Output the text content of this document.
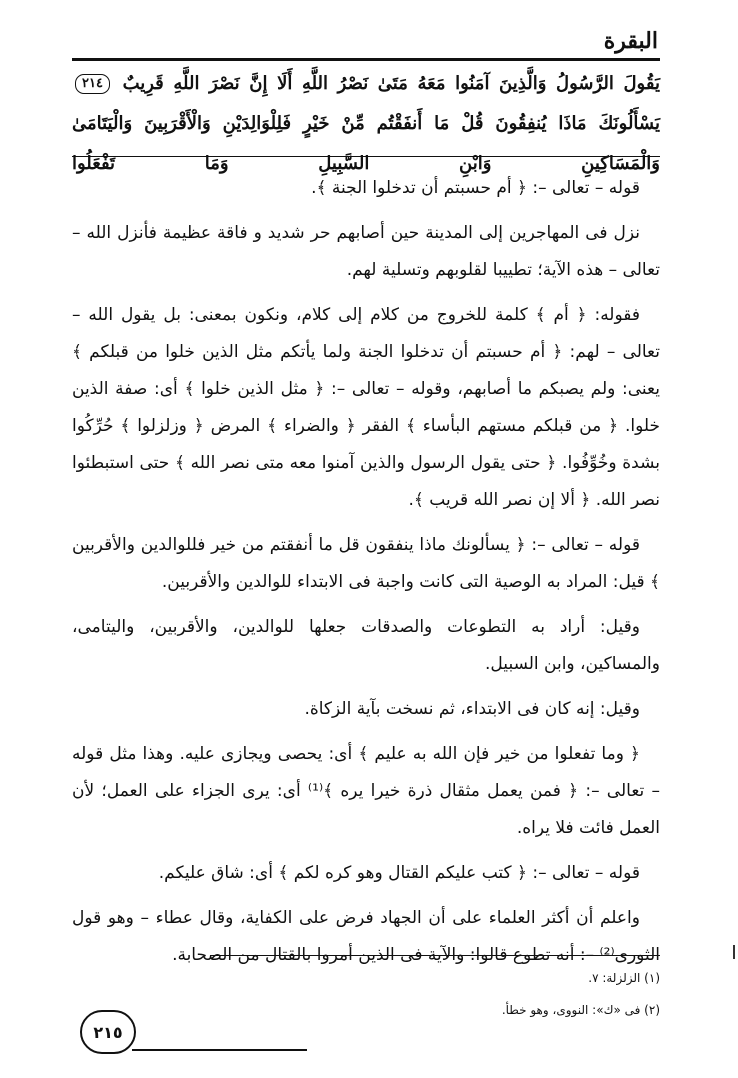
البقرة
يَقُولَ الرَّسُولُ وَالَّذِينَ آمَنُوا مَعَهُ مَتَىٰ نَصْرُ اللَّهِ أَلَا إِنَّ نَصْرَ اللَّهِ قَرِيبٌ ٢١٤ يَسْأَلُونَكَ مَاذَا يُنفِقُونَ قُلْ مَا أَنفَقْتُم مِّنْ خَيْرٍ فَلِلْوَالِدَيْنِ وَالْأَقْرَبِينَ وَالْيَتَامَىٰ وَالْمَسَاكِينِ وَابْنِ السَّبِيلِ وَمَا تَفْعَلُوا

قوله – تعالى –: ﴿ أم حسبتم أن تدخلوا الجنة ﴾.

نزل فى المهاجرين إلى المدينة حين أصابهم حر شديد و فاقة عظيمة فأنزل الله – تعالى – هذه الآية؛ تطييبا لقلوبهم وتسلية لهم.

فقوله: ﴿ أم ﴾ كلمة للخروج من كلام إلى كلام، ونكون بمعنى: بل يقول الله – تعالى – لهم: ﴿ أم حسبتم أن تدخلوا الجنة ولما يأتكم مثل الذين خلوا من قبلكم ﴾ يعنى: ولم يصبكم ما أصابهم، وقوله – تعالى –: ﴿ مثل الذين خلوا ﴾ أى: صفة الذين خلوا. ﴿ من قبلكم مستهم البأساء ﴾ الفقر ﴿ والضراء ﴾ المرض ﴿ وزلزلوا ﴾ حُرِّكُوا بشدة وخُوِّفُوا. ﴿ حتى يقول الرسول والذين آمنوا معه متى نصر الله ﴾ حتى استبطئوا نصر الله. ﴿ ألا إن نصر الله قريب ﴾.

قوله – تعالى –: ﴿ يسألونك ماذا ينفقون قل ما أنفقتم من خير فللوالدين والأقربين ﴾ قيل: المراد به الوصية التى كانت واجبة فى الابتداء للوالدين والأقربين.

وقيل: أراد به التطوعات والصدقات جعلها للوالدين، والأقربين، واليتامى، والمساكين، وابن السبيل.

وقيل: إنه كان فى الابتداء، ثم نسخت بآية الزكاة.

﴿ وما تفعلوا من خير فإن الله به عليم ﴾ أى: يحصى ويجازى عليه. وهذا مثل قوله – تعالى –: ﴿ فمن يعمل مثقال ذرة خيرا يره ﴾⁽¹⁾ أى: يرى الجزاء على العمل؛ لأن العمل فائت فلا يراه.

قوله – تعالى –: ﴿ كتب عليكم القتال وهو كره لكم ﴾ أى: شاق عليكم.

واعلم أن أكثر العلماء على أن الجهاد فرض على الكفاية، وقال عطاء – وهو قول الثورى⁽²⁾ –: أنه تطوع قالوا: والآية فى الذين أمروا بالقتال من الصحابة.

(١) الزلزلة: ٧.
(٢) فى «ك»: النووى، وهو خطأ.
٢١٥
